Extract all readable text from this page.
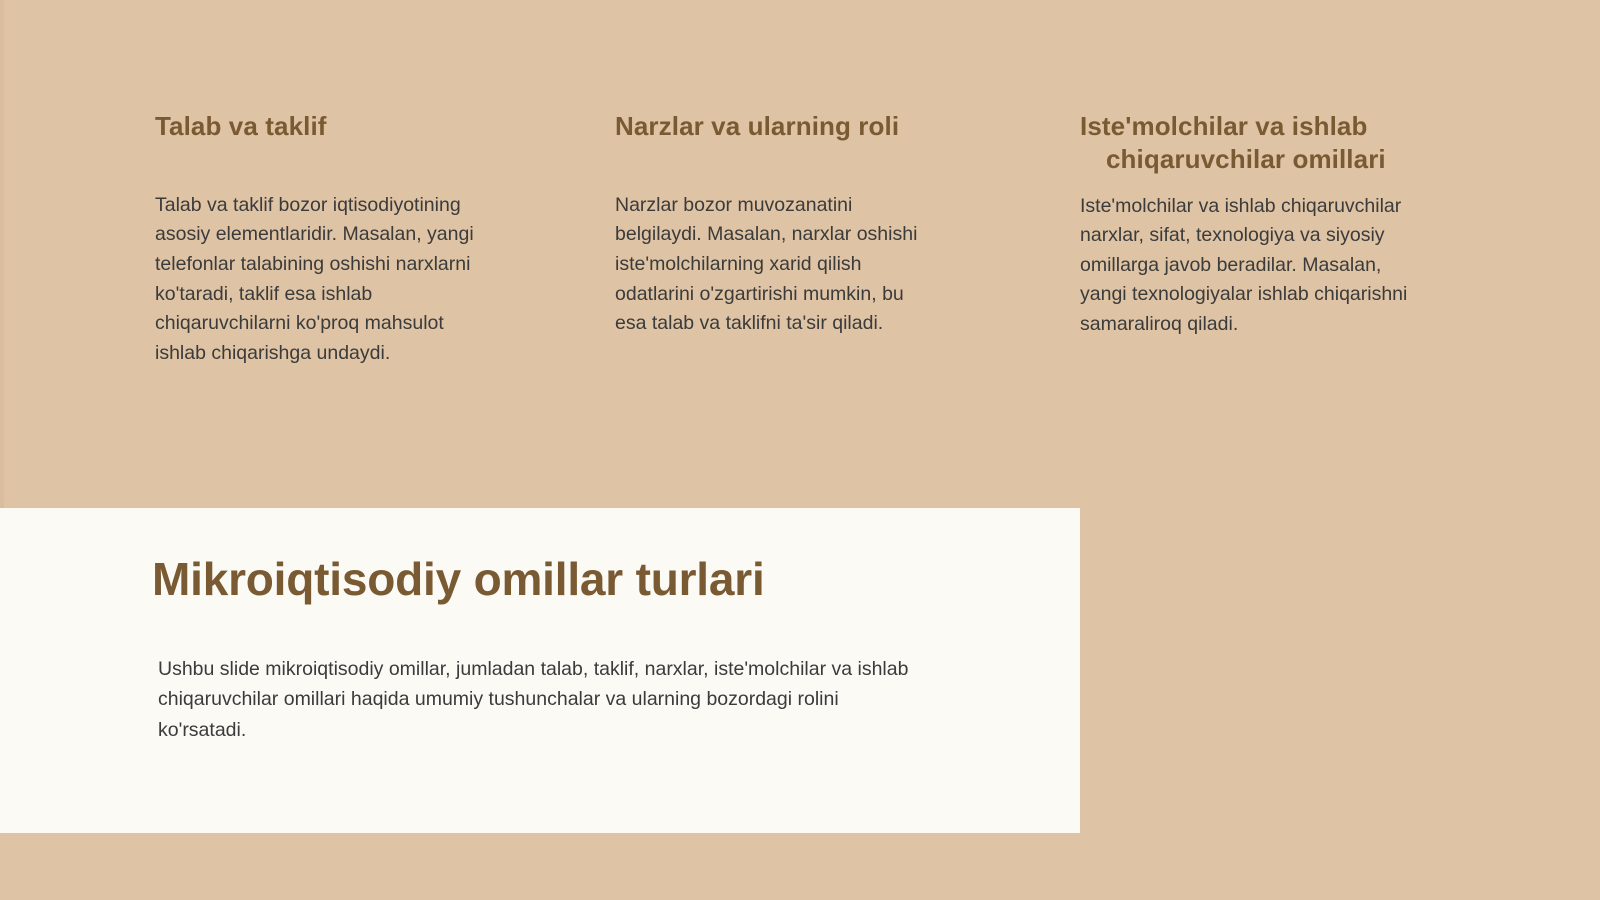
Talab va taklif

Talab va taklif bozor iqtisodiyotining asosiy elementlaridir. Masalan, yangi telefonlar talabining oshishi narxlarni ko'taradi, taklif esa ishlab chiqaruvchilarni ko'proq mahsulot ishlab chiqarishga undaydi.

Narzlar va ularning roli

Narzlar bozor muvozanatini belgilaydi. Masalan, narxlar oshishi iste'molchilarning xarid qilish odatlarini o'zgartirishi mumkin, bu esa talab va taklifni ta'sir qiladi.

Iste'molchilar va ishlab
chiqaruvchilar omillari

Iste'molchilar va ishlab chiqaruvchilar narxlar, sifat, texnologiya va siyosiy omillarga javob beradilar. Masalan, yangi texnologiyalar ishlab chiqarishni samaraliroq qiladi.

Mikroiqtisodiy omillar turlari

Ushbu slide mikroiqtisodiy omillar, jumladan talab, taklif, narxlar, iste'molchilar va ishlab chiqaruvchilar omillari haqida umumiy tushunchalar va ularning bozordagi rolini ko'rsatadi.
